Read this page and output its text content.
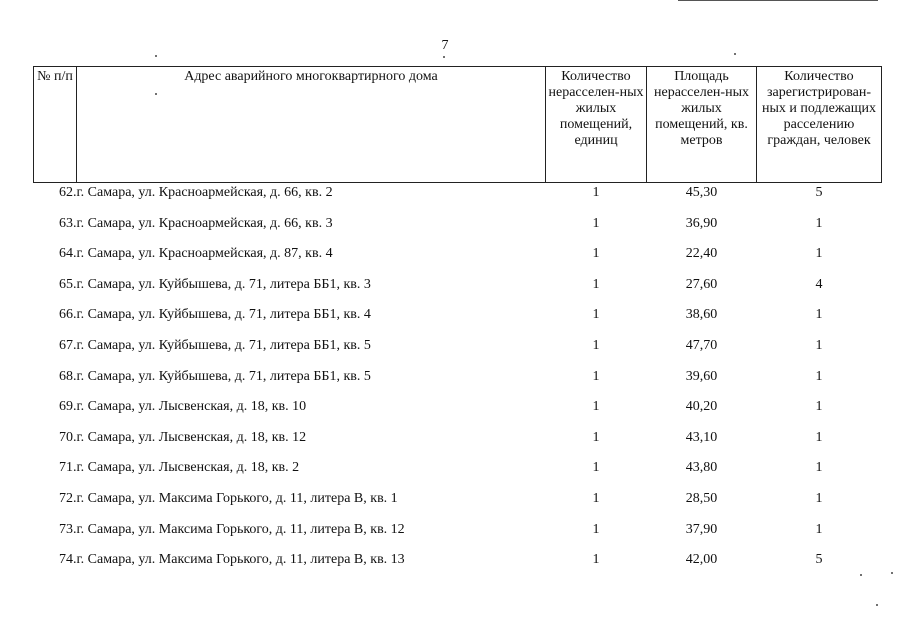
7
№ п/п	Адрес аварийного многоквартирного дома	Количество нерасселен-ных жилых помещений, единиц	Площадь нерасселен-ных жилых помещений, кв. метров	Количество зарегистрирован-ных и подлежащих расселению граждан, человек
62.	г. Самара, ул. Красноармейская, д. 66, кв. 2	1	45,30	5
63.	г. Самара, ул. Красноармейская, д. 66, кв. 3	1	36,90	1
64.	г. Самара, ул. Красноармейская, д. 87, кв. 4	1	22,40	1
65.	г. Самара, ул. Куйбышева, д. 71, литера ББ1, кв. 3	1	27,60	4
66.	г. Самара, ул. Куйбышева, д. 71, литера ББ1, кв. 4	1	38,60	1
67.	г. Самара, ул. Куйбышева, д. 71, литера ББ1, кв. 5	1	47,70	1
68.	г. Самара, ул. Куйбышева, д. 71, литера ББ1, кв. 5	1	39,60	1
69.	г. Самара, ул. Лысвенская, д. 18, кв. 10	1	40,20	1
70.	г. Самара, ул. Лысвенская, д. 18, кв. 12	1	43,10	1
71.	г. Самара, ул. Лысвенская, д. 18, кв. 2	1	43,80	1
72.	г. Самара, ул. Максима Горького, д. 11, литера В, кв. 1	1	28,50	1
73.	г. Самара, ул. Максима Горького, д. 11, литера В, кв. 12	1	37,90	1
74.	г. Самара, ул. Максима Горького, д. 11, литера В, кв. 13	1	42,00	5
